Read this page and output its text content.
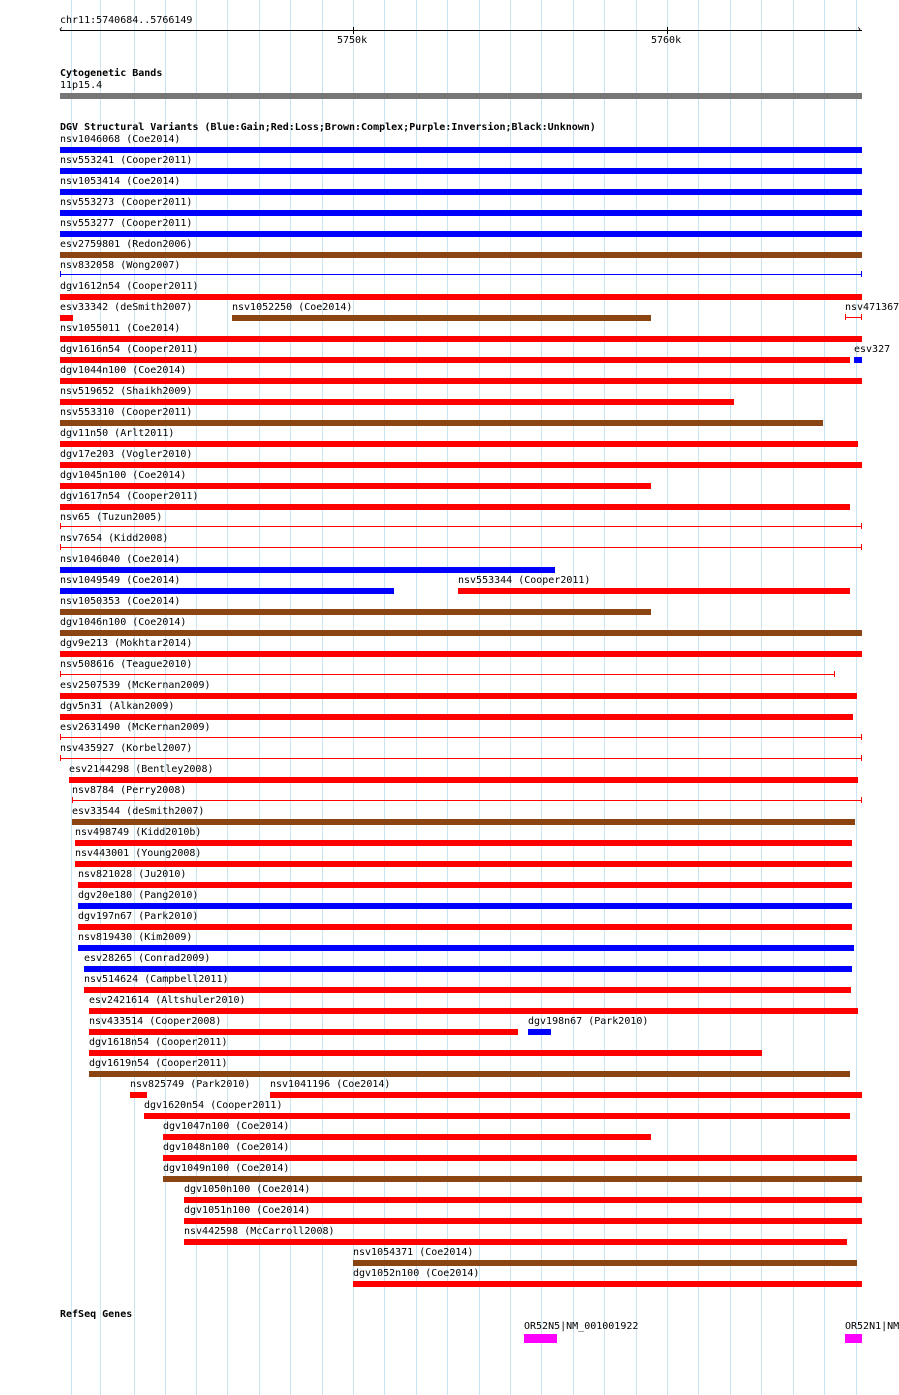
chr11:5740684..5766149
‹	›
5750k	5760k
Cytogenetic Bands
11p15.4
DGV Structural Variants (Blue:Gain;Red:Loss;Brown:Complex;Purple:Inversion;Black:Unknown)
nsv1046068 (Coe2014)
nsv553241 (Cooper2011)
nsv1053414 (Coe2014)
nsv553273 (Cooper2011)
nsv553277 (Cooper2011)
esv2759801 (Redon2006)
nsv832058 (Wong2007)
dgv1612n54 (Cooper2011)
esv33342 (deSmith2007)	nsv1052250 (Coe2014)	nsv471367
nsv1055011 (Coe2014)
dgv1616n54 (Cooper2011)	esv327
dgv1044n100 (Coe2014)
nsv519652 (Shaikh2009)
nsv553310 (Cooper2011)
dgv11n50 (Arlt2011)
dgv17e203 (Vogler2010)
dgv1045n100 (Coe2014)
dgv1617n54 (Cooper2011)
nsv65 (Tuzun2005)
nsv7654 (Kidd2008)
nsv1046040 (Coe2014)
nsv1049549 (Coe2014)	nsv553344 (Cooper2011)
nsv1050353 (Coe2014)
dgv1046n100 (Coe2014)
dgv9e213 (Mokhtar2014)
nsv508616 (Teague2010)
esv2507539 (McKernan2009)
dgv5n31 (Alkan2009)
esv2631490 (McKernan2009)
nsv435927 (Korbel2007)
esv2144298 (Bentley2008)
nsv8784 (Perry2008)
esv33544 (deSmith2007)
nsv498749 (Kidd2010b)
nsv443001 (Young2008)
nsv821028 (Ju2010)
dgv20e180 (Pang2010)
dgv197n67 (Park2010)
nsv819430 (Kim2009)
esv28265 (Conrad2009)
nsv514624 (Campbell2011)
esv2421614 (Altshuler2010)
nsv433514 (Cooper2008)	dgv198n67 (Park2010)
dgv1618n54 (Cooper2011)
dgv1619n54 (Cooper2011)
nsv825749 (Park2010) nsv1041196 (Coe2014)
dgv1620n54 (Cooper2011)
dgv1047n100 (Coe2014)
dgv1048n100 (Coe2014)
dgv1049n100 (Coe2014)
dgv1050n100 (Coe2014)
dgv1051n100 (Coe2014)
nsv442598 (McCarroll2008)
nsv1054371 (Coe2014)
dgv1052n100 (Coe2014)
RefSeq Genes
OR52N5|NM_001001922	OR52N1|NM
